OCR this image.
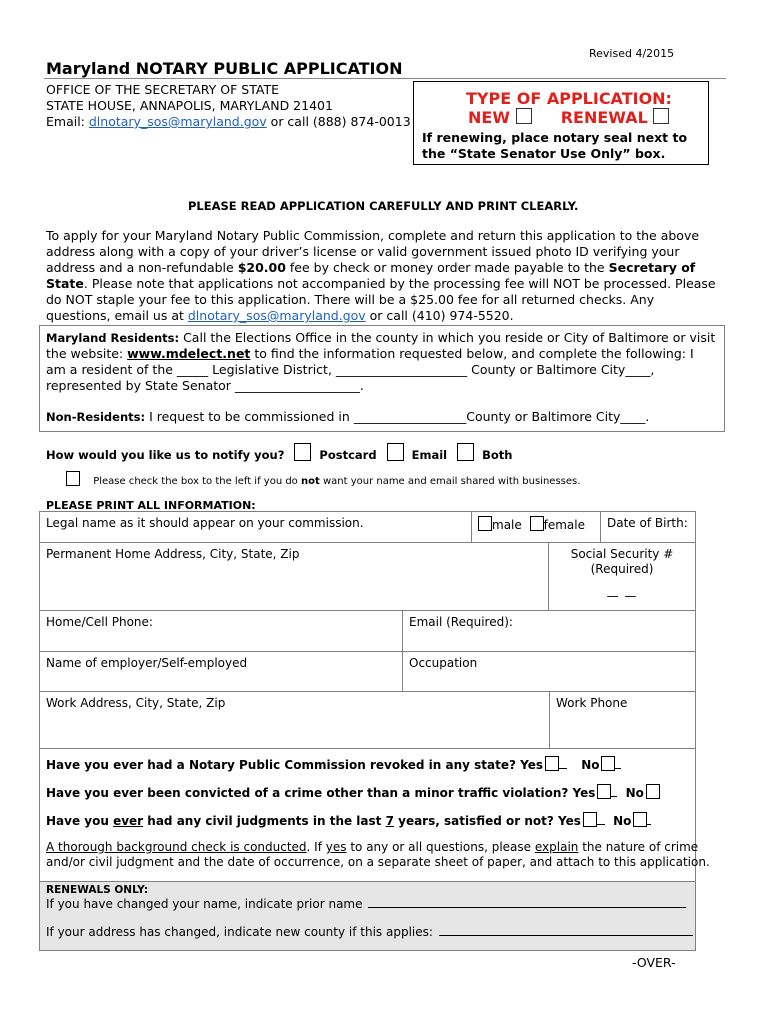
Revised 4/2015
Maryland NOTARY PUBLIC APPLICATION
OFFICE OF THE SECRETARY OF STATE
STATE HOUSE, ANNAPOLIS, MARYLAND 21401
Email: dlnotary_sos@maryland.gov or call (888) 874-0013
TYPE OF APPLICATION:
NEW	RENEWAL
If renewing, place notary seal next to
the “State Senator Use Only” box.
PLEASE READ APPLICATION CAREFULLY AND PRINT CLEARLY.
To apply for your Maryland Notary Public Commission, complete and return this application to the above
address along with a copy of your driver’s license or valid government issued photo ID verifying your
address and a non-refundable $20.00 fee by check or money order made payable to the Secretary of
State. Please note that applications not accompanied by the processing fee will NOT be processed. Please
do NOT staple your fee to this application. There will be a $25.00 fee for all returned checks. Any
questions, email us at dlnotary_sos@maryland.gov or call (410) 974-5520.
Maryland Residents: Call the Elections Office in the county in which you reside or City of Baltimore or visit
the website: www.mdelect.net to find the information requested below, and complete the following: I
am a resident of the _____ Legislative District, _____________________ County or Baltimore City____,
represented by State Senator ____________________.
Non-Residents: I request to be commissioned in __________________County or Baltimore City____.
How would you like us to notify you?	Postcard	Email	Both
Please check the box to the left if you do not want your name and email shared with businesses.
PLEASE PRINT ALL INFORMATION:
Legal name as it should appear on your commission.	male female	Date of Birth:
Permanent Home Address, City, State, Zip	Social Security #
(Required)
— —
Home/Cell Phone:	Email (Required):
Name of employer/Self-employed	Occupation
Work Address, City, State, Zip	Work Phone
Have you ever had a Notary Public Commission revoked in any state? Yes	No
Have you ever been convicted of a crime other than a minor traffic violation? Yes	No
Have you ever had any civil judgments in the last 7 years, satisfied or not? Yes	No
A thorough background check is conducted. If yes to any or all questions, please explain the nature of crime
and/or civil judgment and the date of occurrence, on a separate sheet of paper, and attach to this application.
RENEWALS ONLY:
If you have changed your name, indicate prior name
If your address has changed, indicate new county if this applies:
-OVER-
